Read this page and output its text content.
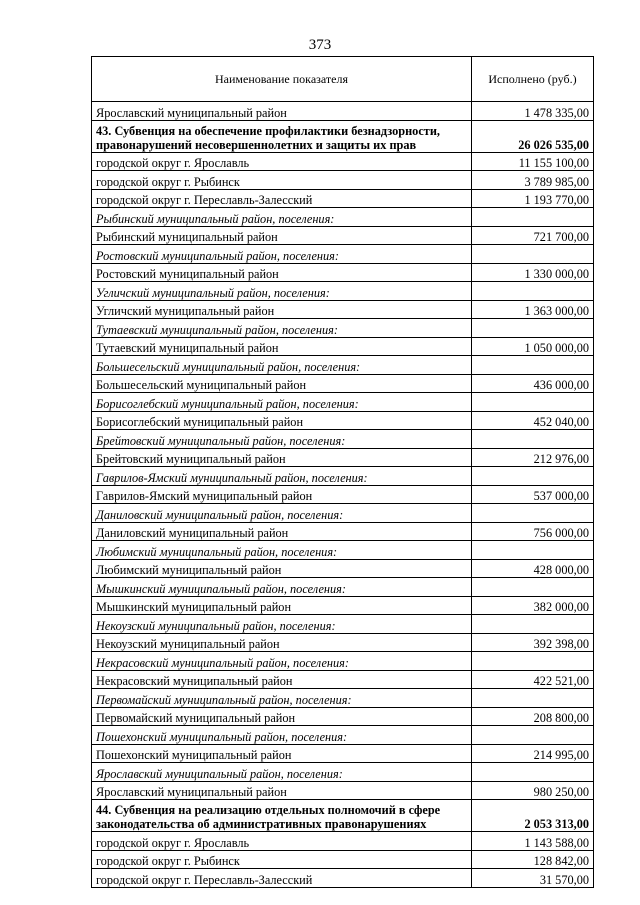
373
Наименование показателя	Исполнено (руб.)
Ярославский муниципальный район	1 478 335,00
43. Субвенция на обеспечение профилактики безнадзорности, правонарушений несовершеннолетних и защиты их прав	26 026 535,00
городской округ г. Ярославль	11 155 100,00
городской округ г. Рыбинск	3 789 985,00
городской округ г. Переславль-Залесский	1 193 770,00
Рыбинский муниципальный район, поселения:	
Рыбинский муниципальный район	721 700,00
Ростовский муниципальный район, поселения:	
Ростовский муниципальный район	1 330 000,00
Угличский муниципальный район, поселения:	
Угличский муниципальный район	1 363 000,00
Тутаевский муниципальный район, поселения:	
Тутаевский муниципальный район	1 050 000,00
Большесельский муниципальный район, поселения:	
Большесельский муниципальный район	436 000,00
Борисоглебский муниципальный район, поселения:	
Борисоглебский муниципальный район	452 040,00
Брейтовский муниципальный район, поселения:	
Брейтовский муниципальный район	212 976,00
Гаврилов-Ямский муниципальный район, поселения:	
Гаврилов-Ямский муниципальный район	537 000,00
Даниловский муниципальный район, поселения:	
Даниловский муниципальный район	756 000,00
Любимский муниципальный район, поселения:	
Любимский муниципальный район	428 000,00
Мышкинский муниципальный район, поселения:	
Мышкинский муниципальный район	382 000,00
Некоузский муниципальный район, поселения:	
Некоузский муниципальный район	392 398,00
Некрасовский муниципальный район, поселения:	
Некрасовский муниципальный район	422 521,00
Первомайский муниципальный район, поселения:	
Первомайский муниципальный район	208 800,00
Пошехонский муниципальный район, поселения:	
Пошехонский муниципальный район	214 995,00
Ярославский муниципальный район, поселения:	
Ярославский муниципальный район	980 250,00
44. Субвенция на реализацию отдельных полномочий в сфере законодательства об административных правонарушениях	2 053 313,00
городской округ г. Ярославль	1 143 588,00
городской округ г. Рыбинск	128 842,00
городской округ г. Переславль-Залесский	31 570,00
